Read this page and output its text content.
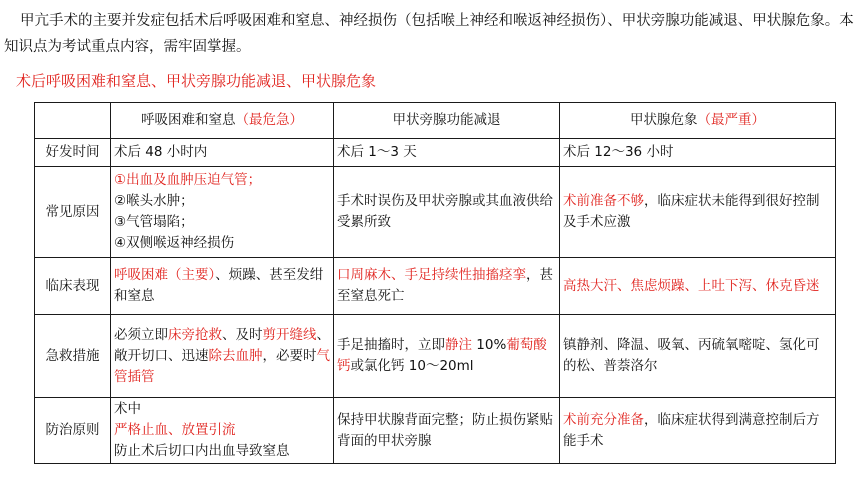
甲亢手术的主要并发症包括术后呼吸困难和窒息、神经损伤（包括喉上神经和喉返神经损伤）、甲状旁腺功能减退、甲状腺危象。本知识点为考试重点内容，需牢固掌握。
术后呼吸困难和窒息、甲状旁腺功能减退、甲状腺危象
	呼吸困难和窒息（最危急）	甲状旁腺功能减退	甲状腺危象（最严重）
好发时间	术后 48 小时内	术后 1～3 天	术后 12～36 小时
常见原因	①出血及血肿压迫气管；
②喉头水肿；
③气管塌陷；
④双侧喉返神经损伤	手术时误伤及甲状旁腺或其血液供给受累所致	术前准备不够，临床症状未能得到很好控制及手术应激
临床表现	呼吸困难（主要）、烦躁、甚至发绀和窒息	口周麻木、手足持续性抽搐痉挛，甚至窒息死亡	高热大汗、焦虑烦躁、上吐下泻、休克昏迷
急救措施	必须立即床旁抢救、及时剪开缝线、敞开切口、迅速除去血肿，必要时气管插管	手足抽搐时，立即静注 10%葡萄酸钙或氯化钙 10～20ml	镇静剂、降温、吸氧、丙硫氧嘧啶、氢化可的松、普萘洛尔
防治原则	术中
严格止血、放置引流
防止术后切口内出血导致窒息	保持甲状腺背面完整；防止损伤紧贴背面的甲状旁腺	术前充分准备，临床症状得到满意控制后方能手术
